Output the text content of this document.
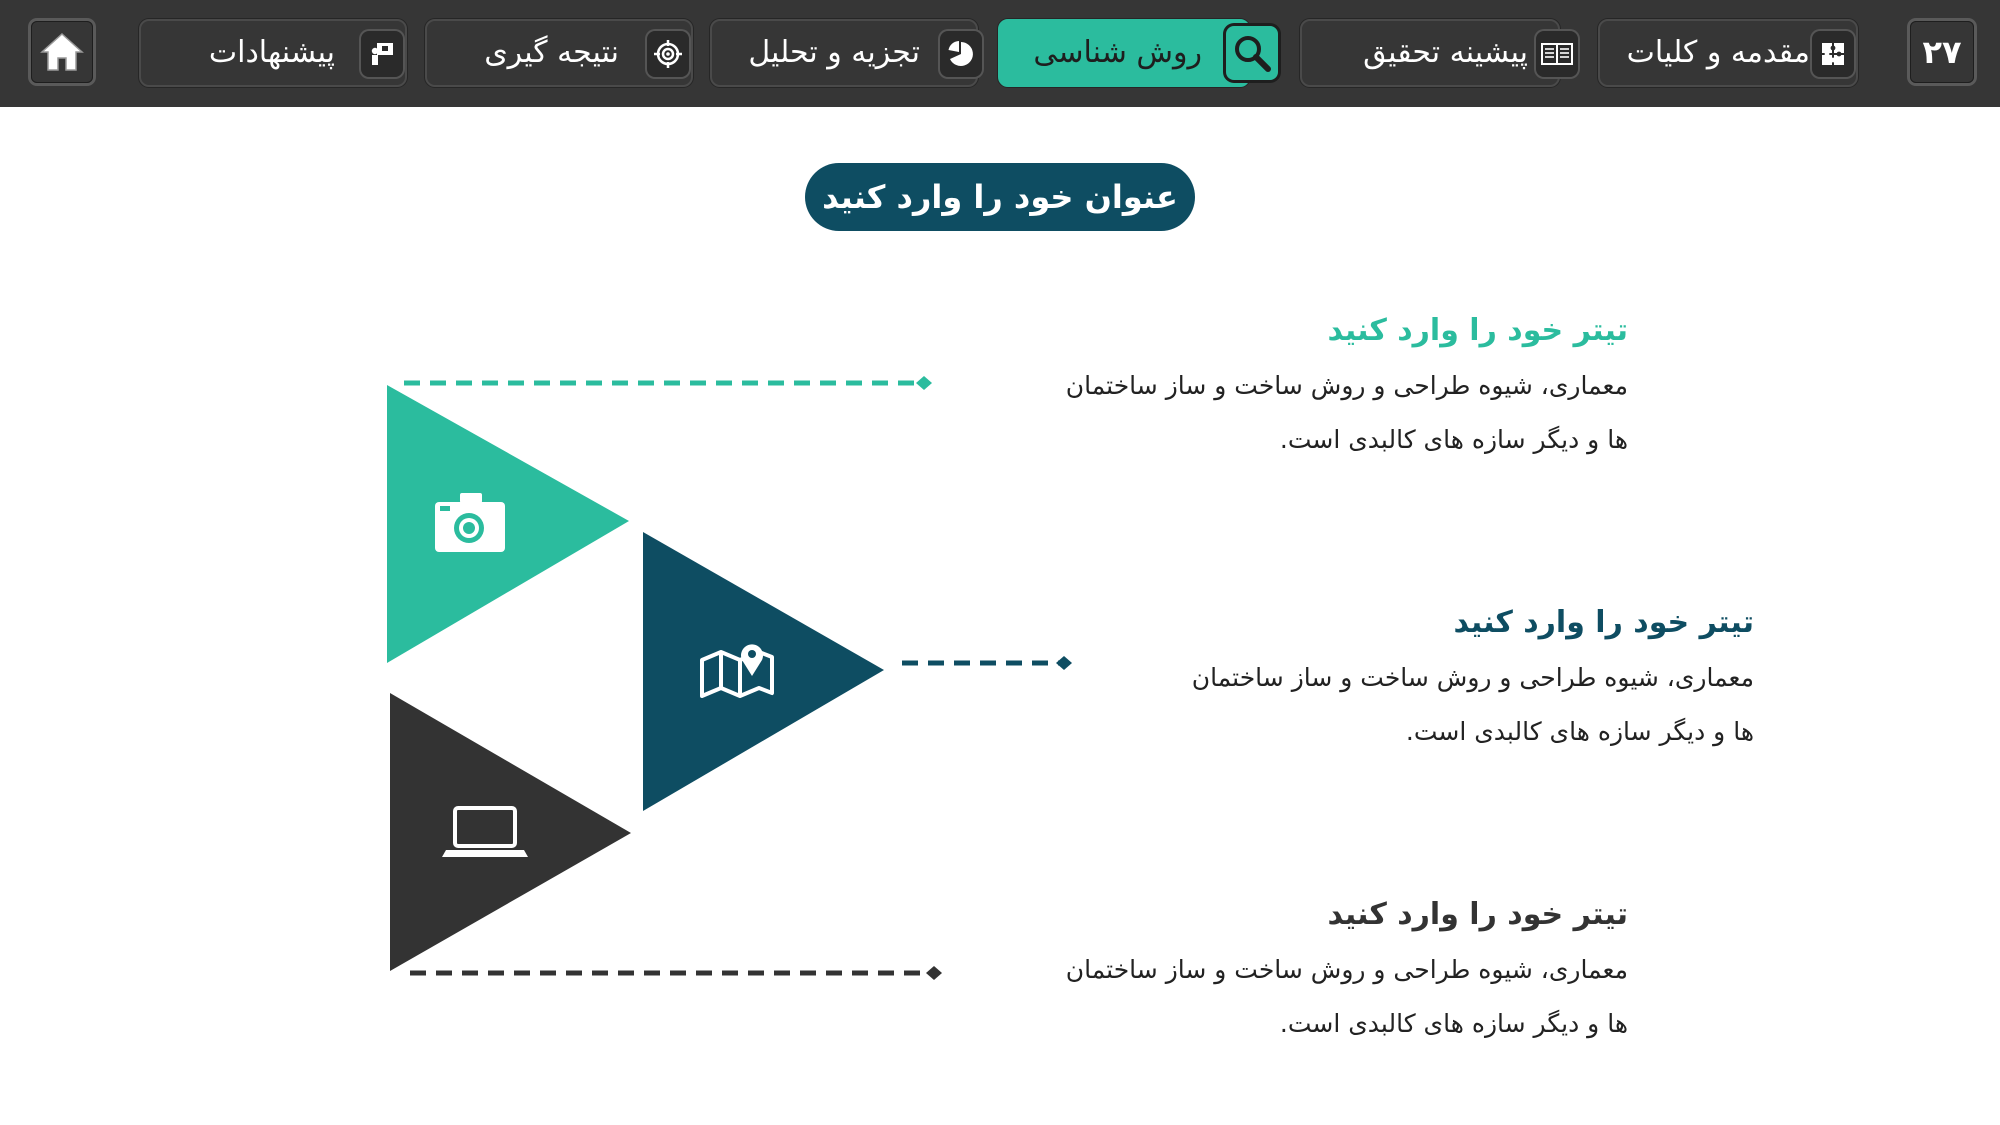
پیشنهادات	نتیجه گیری	تجزیه و تحلیل	روش شناسی	پیشینه تحقیق	مقدمه و کلیات	۲۷
عنوان خود را وارد کنید
تیتر خود را وارد کنید
معماری، شیوه طراحی و روش ساخت و ساز ساختمان
ها و دیگر سازه های کالبدی است.
تیتر خود را وارد کنید
معماری، شیوه طراحی و روش ساخت و ساز ساختمان
ها و دیگر سازه های کالبدی است.
تیتر خود را وارد کنید
معماری، شیوه طراحی و روش ساخت و ساز ساختمان
ها و دیگر سازه های کالبدی است.
